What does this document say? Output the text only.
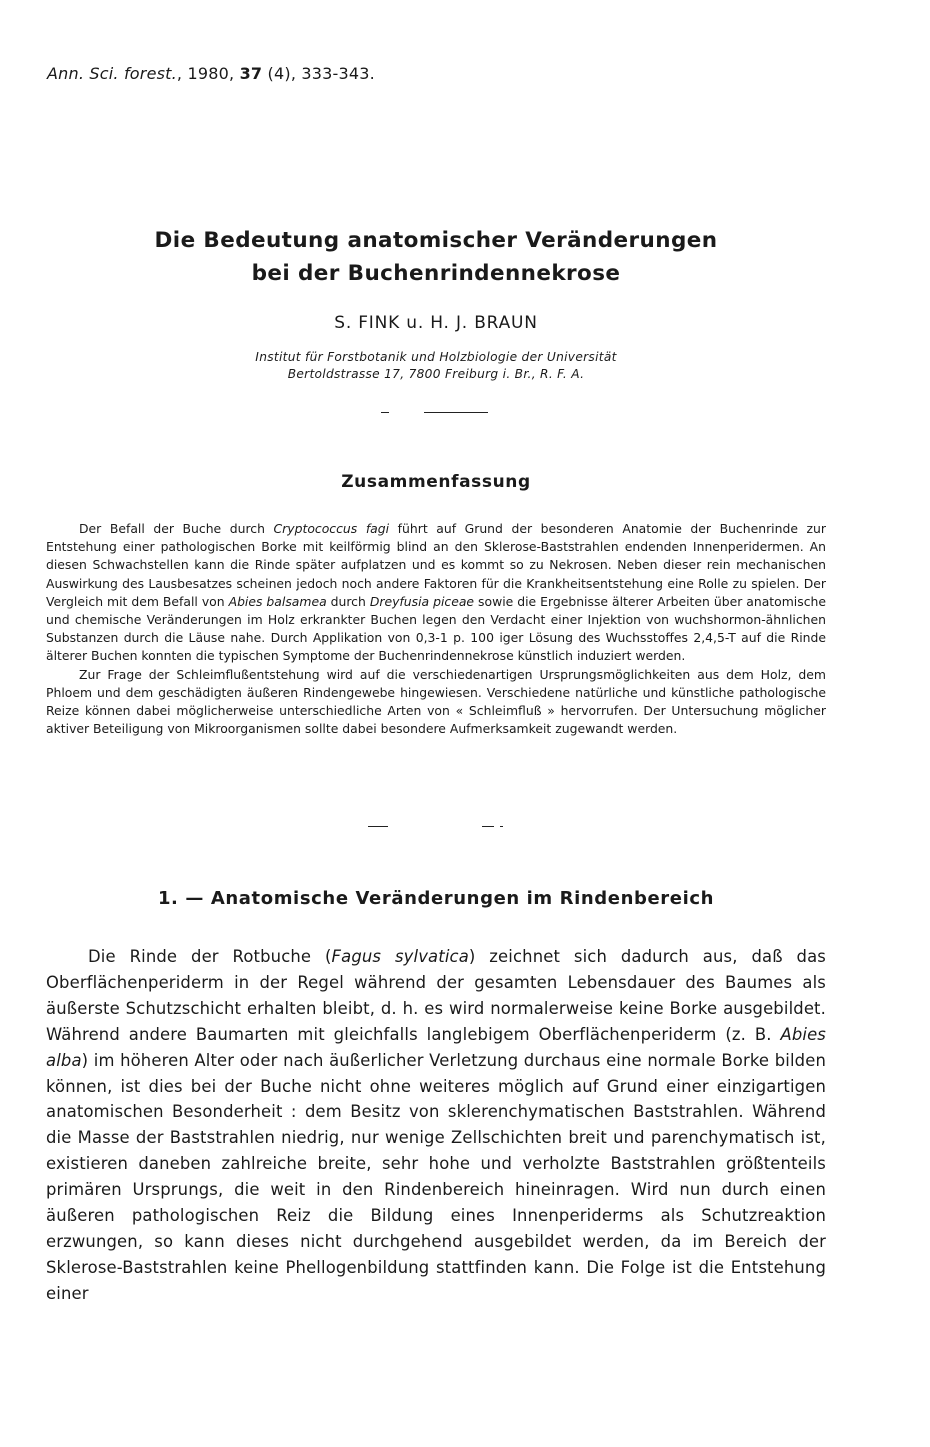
Ann. Sci. forest., 1980, 37 (4), 333-343.
Die Bedeutung anatomischer Veränderungen
bei der Buchenrindennekrose
S. FINK u. H. J. BRAUN
Institut für Forstbotanik und Holzbiologie der Universität
Bertoldstrasse 17, 7800 Freiburg i. Br., R. F. A.
Zusammenfassung

Der Befall der Buche durch Cryptococcus fagi führt auf Grund der besonderen Anatomie der Buchenrinde zur Entstehung einer pathologischen Borke mit keilförmig blind an den Sklerose-Baststrahlen endenden Innenperidermen. An diesen Schwachstellen kann die Rinde später aufplatzen und es kommt so zu Nekrosen. Neben dieser rein mechanischen Auswirkung des Lausbesatzes scheinen jedoch noch andere Faktoren für die Krankheitsentstehung eine Rolle zu spielen. Der Vergleich mit dem Befall von Abies balsamea durch Dreyfusia piceae sowie die Ergebnisse älterer Arbeiten über anatomische und chemische Veränderungen im Holz erkrankter Buchen legen den Verdacht einer Injektion von wuchshormon-ähnlichen Substanzen durch die Läuse nahe. Durch Applikation von 0,3-1 p. 100 iger Lösung des Wuchsstoffes 2,4,5-T auf die Rinde älterer Buchen konnten die typischen Symptome der Buchenrindennekrose künstlich induziert werden.

Zur Frage der Schleimflußentstehung wird auf die verschiedenartigen Ursprungsmöglichkeiten aus dem Holz, dem Phloem und dem geschädigten äußeren Rindengewebe hingewiesen. Verschiedene natürliche und künstliche pathologische Reize können dabei möglicherweise unterschiedliche Arten von « Schleimfluß » hervorrufen. Der Untersuchung möglicher aktiver Beteiligung von Mikroorganismen sollte dabei besondere Aufmerksamkeit zugewandt werden.

1. — Anatomische Veränderungen im Rindenbereich

Die Rinde der Rotbuche (Fagus sylvatica) zeichnet sich dadurch aus, daß das Oberflächenperiderm in der Regel während der gesamten Lebensdauer des Baumes als äußerste Schutzschicht erhalten bleibt, d. h. es wird normalerweise keine Borke ausgebildet. Während andere Baumarten mit gleichfalls langlebigem Oberflächenperiderm (z. B. Abies alba) im höheren Alter oder nach äußerlicher Verletzung durchaus eine normale Borke bilden können, ist dies bei der Buche nicht ohne weiteres möglich auf Grund einer einzigartigen anatomischen Besonderheit : dem Besitz von sklerenchymatischen Baststrahlen. Während die Masse der Baststrahlen niedrig, nur wenige Zellschichten breit und parenchymatisch ist, existieren daneben zahlreiche breite, sehr hohe und verholzte Baststrahlen größtenteils primären Ursprungs, die weit in den Rindenbereich hineinragen. Wird nun durch einen äußeren pathologischen Reiz die Bildung eines Innenperiderms als Schutzreaktion erzwungen, so kann dieses nicht durchgehend ausgebildet werden, da im Bereich der Sklerose-Baststrahlen keine Phellogenbildung stattfinden kann. Die Folge ist die Entstehung einer
